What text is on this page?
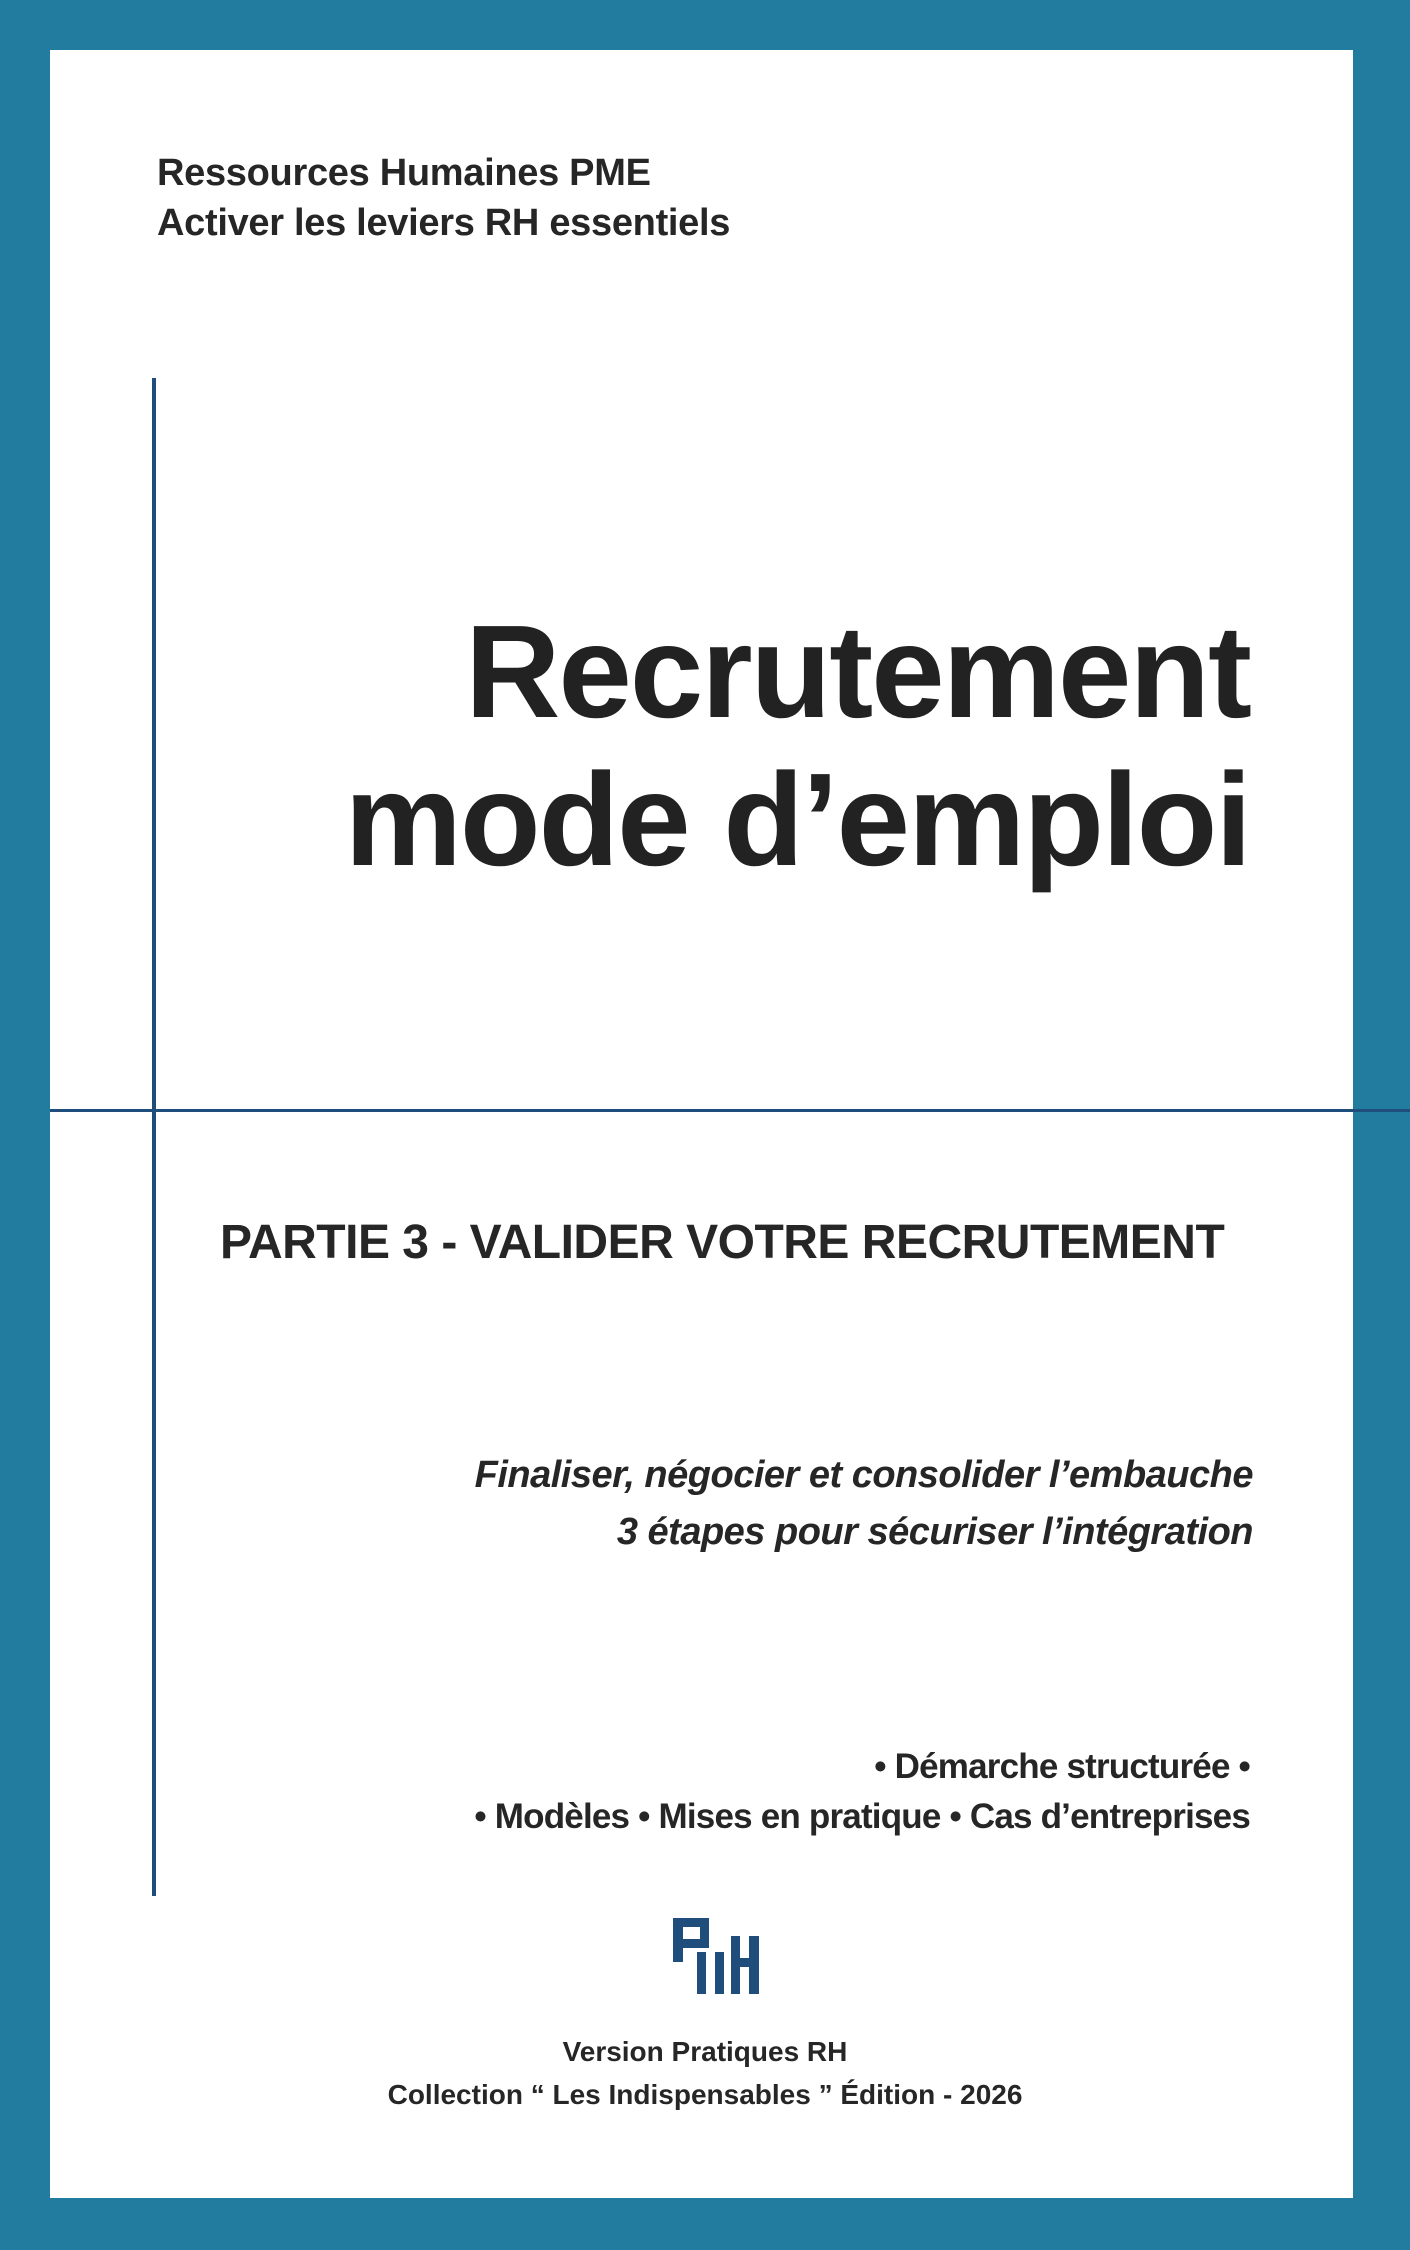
Ressources Humaines PME
Activer les leviers RH essentiels
Recrutement
mode d’emploi
PARTIE 3 - VALIDER VOTRE RECRUTEMENT
Finaliser, négocier et consolider l’embauche
3 étapes pour sécuriser l’intégration
• Démarche structurée •
• Modèles • Mises en pratique • Cas d’entreprises
Version Pratiques RH
Collection “ Les Indispensables ” Édition - 2026
